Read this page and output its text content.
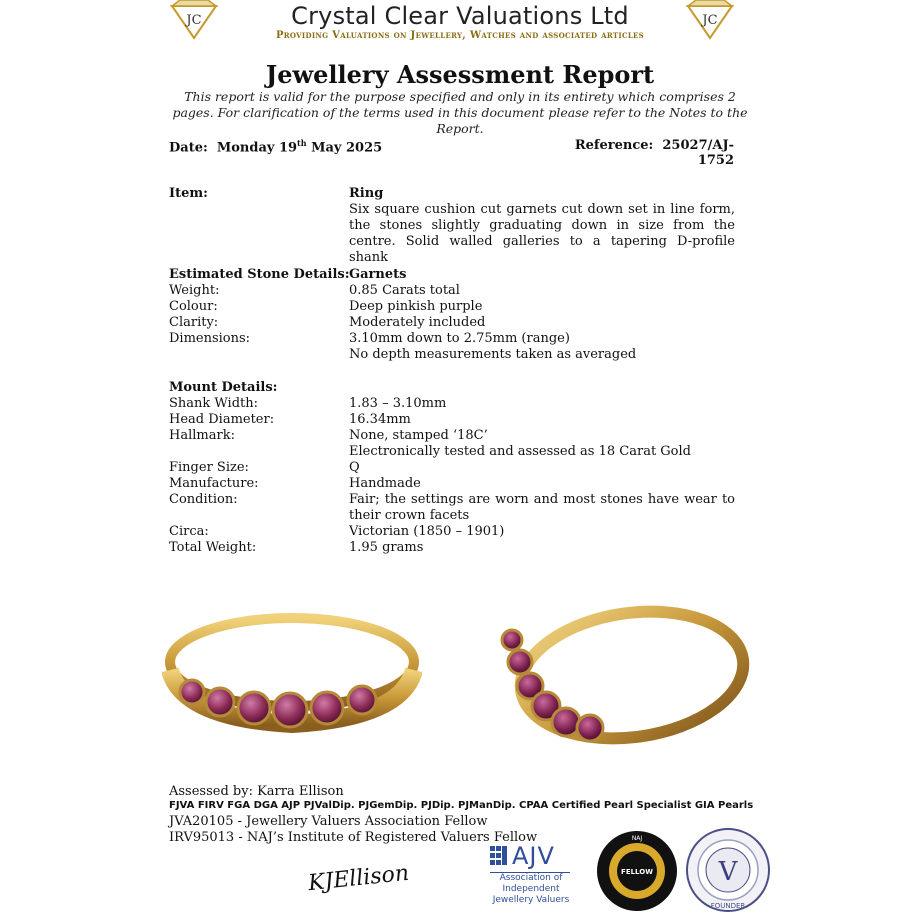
JC	JC
Crystal Clear Valuations Ltd
Providing Valuations on Jewellery, Watches and associated articles
Jewellery Assessment Report
This report is valid for the purpose specified and only in its entirety which comprises 2 pages. For clarification of the terms used in this document please refer to the Notes to the Report.
Date: Monday 19th May 2025	Reference: 25027/AJ-1752
Item:	Ring
Six square cushion cut garnets cut down set in line form, the stones slightly graduating down in size from the centre. Solid walled galleries to a tapering D-profile shank
Estimated Stone Details: Garnets
Weight:	0.85 Carats total
Colour:	Deep pinkish purple
Clarity:	Moderately included
Dimensions:	3.10mm down to 2.75mm (range)
No depth measurements taken as averaged
Mount Details:
Shank Width:	1.83 – 3.10mm
Head Diameter:	16.34mm
Hallmark:	None, stamped ‘18C’
Electronically tested and assessed as 18 Carat Gold
Finger Size:	Q
Manufacture:	Handmade
Condition:	Fair; the settings are worn and most stones have wear to their crown facets
Circa:	Victorian (1850 – 1901)
Total Weight:	1.95 grams
Assessed by: Karra Ellison
FJVA FIRV FGA DGA AJP PJValDip. PJGemDip. PJDip. PJManDip. CPAA Certified Pearl Specialist GIA Pearls
JVA20105 - Jewellery Valuers Association Fellow
IRV95013 - NAJ’s Institute of Registered Valuers Fellow
KJEllison
AJV
Association of
Independent
Jewellery Valuers
NAJ
FELLOW	V
FOUNDER
